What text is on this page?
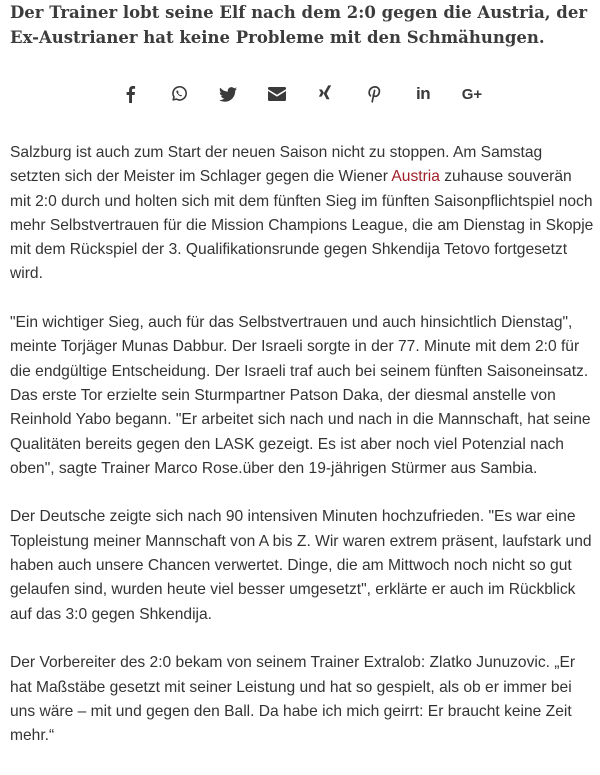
Der Trainer lobt seine Elf nach dem 2:0 gegen die Austria, der Ex-Austrianer hat keine Probleme mit den Schmähungen.
in G+

Salzburg ist auch zum Start der neuen Saison nicht zu stoppen. Am Samstag setzten sich der Meister im Schlager gegen die Wiener Austria zuhause souverän mit 2:0 durch und holten sich mit dem fünften Sieg im fünften Saisonpflichtspiel noch mehr Selbstvertrauen für die Mission Champions League, die am Dienstag in Skopje mit dem Rückspiel der 3. Qualifikationsrunde gegen Shkendija Tetovo fortgesetzt wird.

"Ein wichtiger Sieg, auch für das Selbstvertrauen und auch hinsichtlich Dienstag", meinte Torjäger Munas Dabbur. Der Israeli sorgte in der 77. Minute mit dem 2:0 für die endgültige Entscheidung. Der Israeli traf auch bei seinem fünften Saisoneinsatz. Das erste Tor erzielte sein Sturmpartner Patson Daka, der diesmal anstelle von Reinhold Yabo begann. "Er arbeitet sich nach und nach in die Mannschaft, hat seine Qualitäten bereits gegen den LASK gezeigt. Es ist aber noch viel Potenzial nach oben", sagte Trainer Marco Rose.über den 19-jährigen Stürmer aus Sambia.

Der Deutsche zeigte sich nach 90 intensiven Minuten hochzufrieden. "Es war eine Topleistung meiner Mannschaft von A bis Z. Wir waren extrem präsent, laufstark und haben auch unsere Chancen verwertet. Dinge, die am Mittwoch noch nicht so gut gelaufen sind, wurden heute viel besser umgesetzt", erklärte er auch im Rückblick auf das 3:0 gegen Shkendija.

Der Vorbereiter des 2:0 bekam von seinem Trainer Extralob: Zlatko Junuzovic. „Er hat Maßstäbe gesetzt mit seiner Leistung und hat so gespielt, als ob er immer bei uns wäre – mit und gegen den Ball. Da habe ich mich geirrt: Er braucht keine Zeit mehr.“
